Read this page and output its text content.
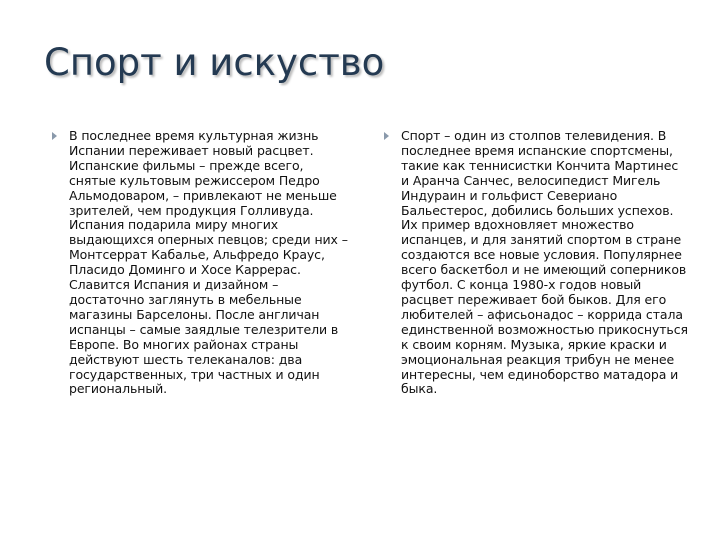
Спорт и искуство

В последнее время культурная жизнь Испании переживает новый расцвет. Испанские фильмы – прежде всего, снятые культовым режиссером Педро Альмодоваром, – привлекают не меньше зрителей, чем продукция Голливуда. Испания подарила миру многих выдающихся оперных певцов; среди них – Монтсеррат Кабалье, Альфредо Краус, Пласидо Доминго и Хосе Каррерас. Славится Испания и дизайном – достаточно заглянуть в мебельные магазины Барселоны. После англичан испанцы – самые заядлые телезрители в Европе. Во многих районах страны действуют шесть телеканалов: два государственных, три частных и один региональный.

Спорт – один из столпов телевидения. В последнее время испанские спортсмены, такие как теннисистки Кончита Мартинес и Аранча Санчес, велосипедист Мигель Индураин и гольфист Севериано Бальестерос, добились больших успехов. Их пример вдохновляет множество испанцев, и для занятий спортом в стране создаются все новые условия. Популярнее всего баскетбол и не имеющий соперников футбол. С конца 1980-х годов новый расцвет переживает бой быков. Для его любителей – афисьонадос – коррида стала единственной возможностью прикоснуться к своим корням. Музыка, яркие краски и эмоциональная реакция трибун не менее интересны, чем единоборство матадора и быка.
